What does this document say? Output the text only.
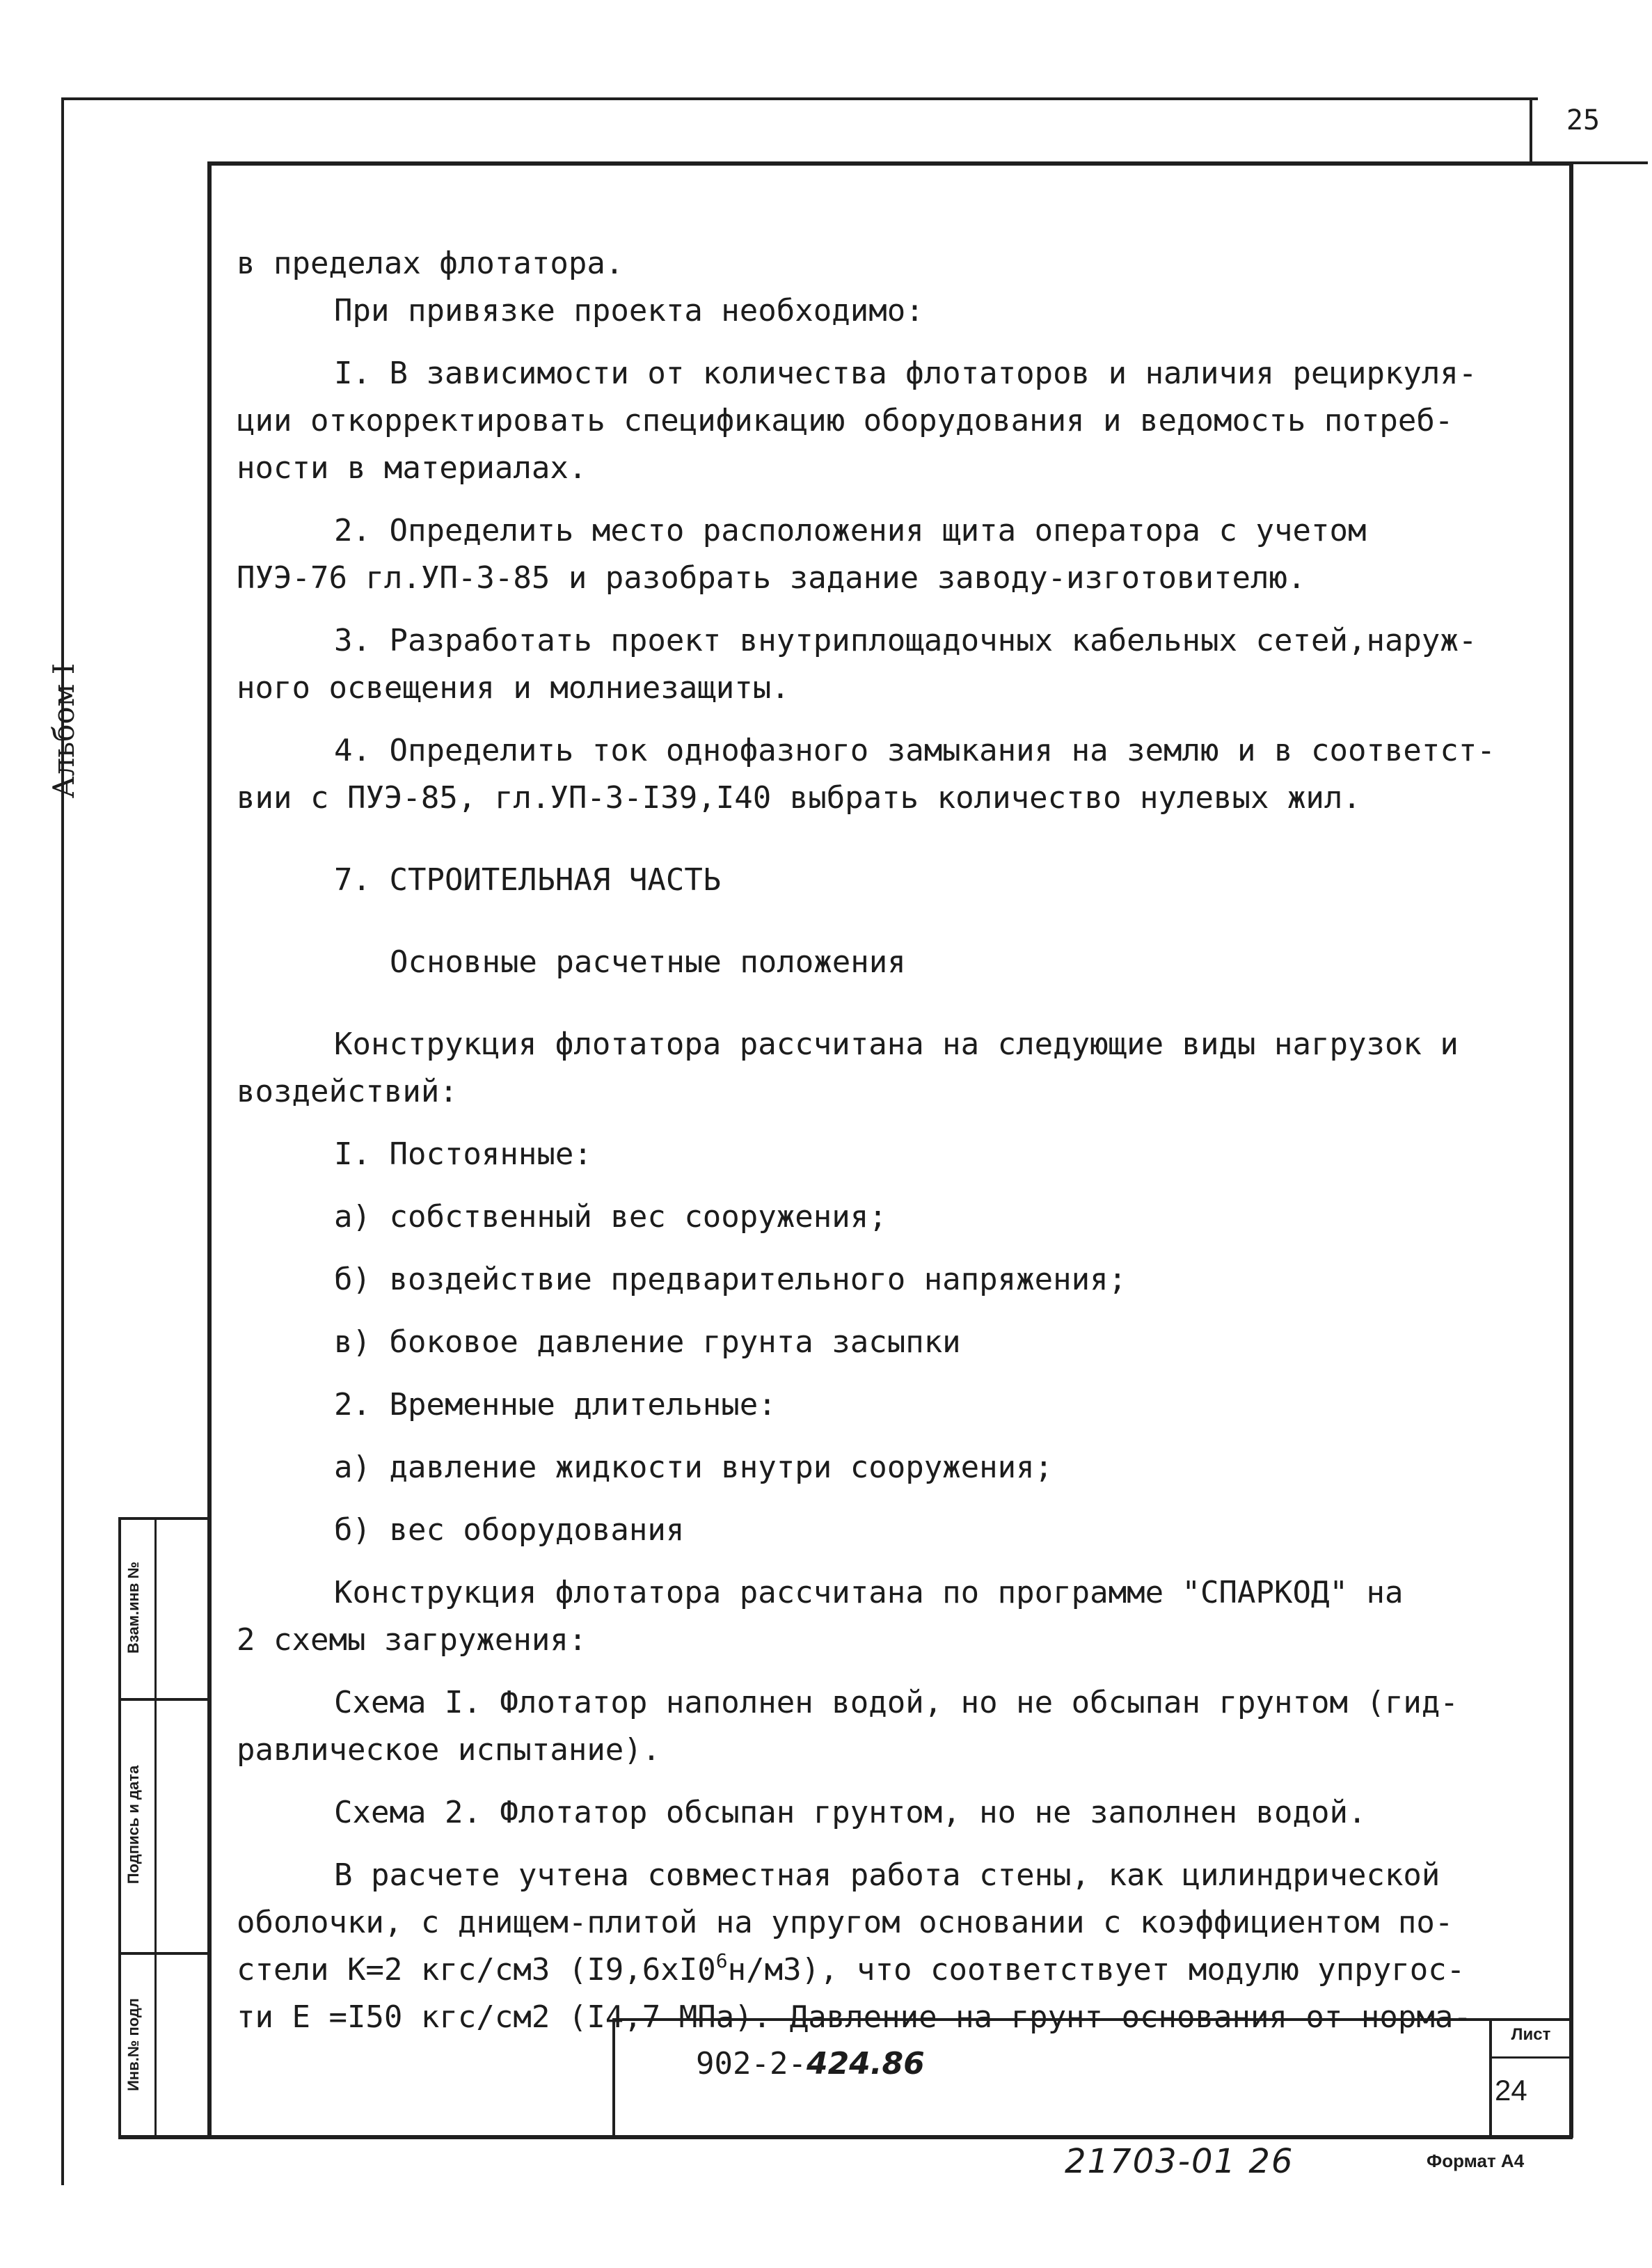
25
Альбом I
Взам.инв №
Подпись и дата
Инв.№ подл

в пределах флотатора.

При привязке проекта необходимо:

I. В зависимости от количества флотаторов и наличия рециркуля-

ции откорректировать спецификацию оборудования и ведомость потреб-

ности в материалах.

2. Определить место расположения щита оператора с учетом

ПУЭ-76 гл.УП-3-85 и разобрать задание заводу-изготовителю.

3. Разработать проект внутриплощадочных кабельных сетей,наруж-

ного освещения и молниезащиты.

4. Определить ток однофазного замыкания на землю и в соответст-

вии с ПУЭ-85, гл.УП-3-I39,I40 выбрать количество нулевых жил.

7. СТРОИТЕЛЬНАЯ ЧАСТЬ

Основные расчетные положения

Конструкция флотатора рассчитана на следующие виды нагрузок и

воздействий:

I. Постоянные:

а) собственный вес сооружения;

б) воздействие предварительного напряжения;

в) боковое давление грунта засыпки

2. Временные длительные:

а) давление жидкости внутри сооружения;

б) вес оборудования

Конструкция флотатора рассчитана по программе "СПАРКОД" на

2 схемы загружения:

Схема I. Флотатор наполнен водой, но не обсыпан грунтом (гид-

равлическое испытание).

Схема 2. Флотатор обсыпан грунтом, но не заполнен водой.

В расчете учтена совместная работа стены, как цилиндрической

оболочки, с днищем-плитой на упругом основании с коэффициентом по-

стели К=2 кгс/см3 $(I9,6хI0^6н/м3)$, что соответствует модулю упругос-

ти Е =I50 кгс/см2 (I4,7 МПа). Давление на грунт основания от норма-

902-2-424.86
Лист
24
21703-01 26	Формат А4
